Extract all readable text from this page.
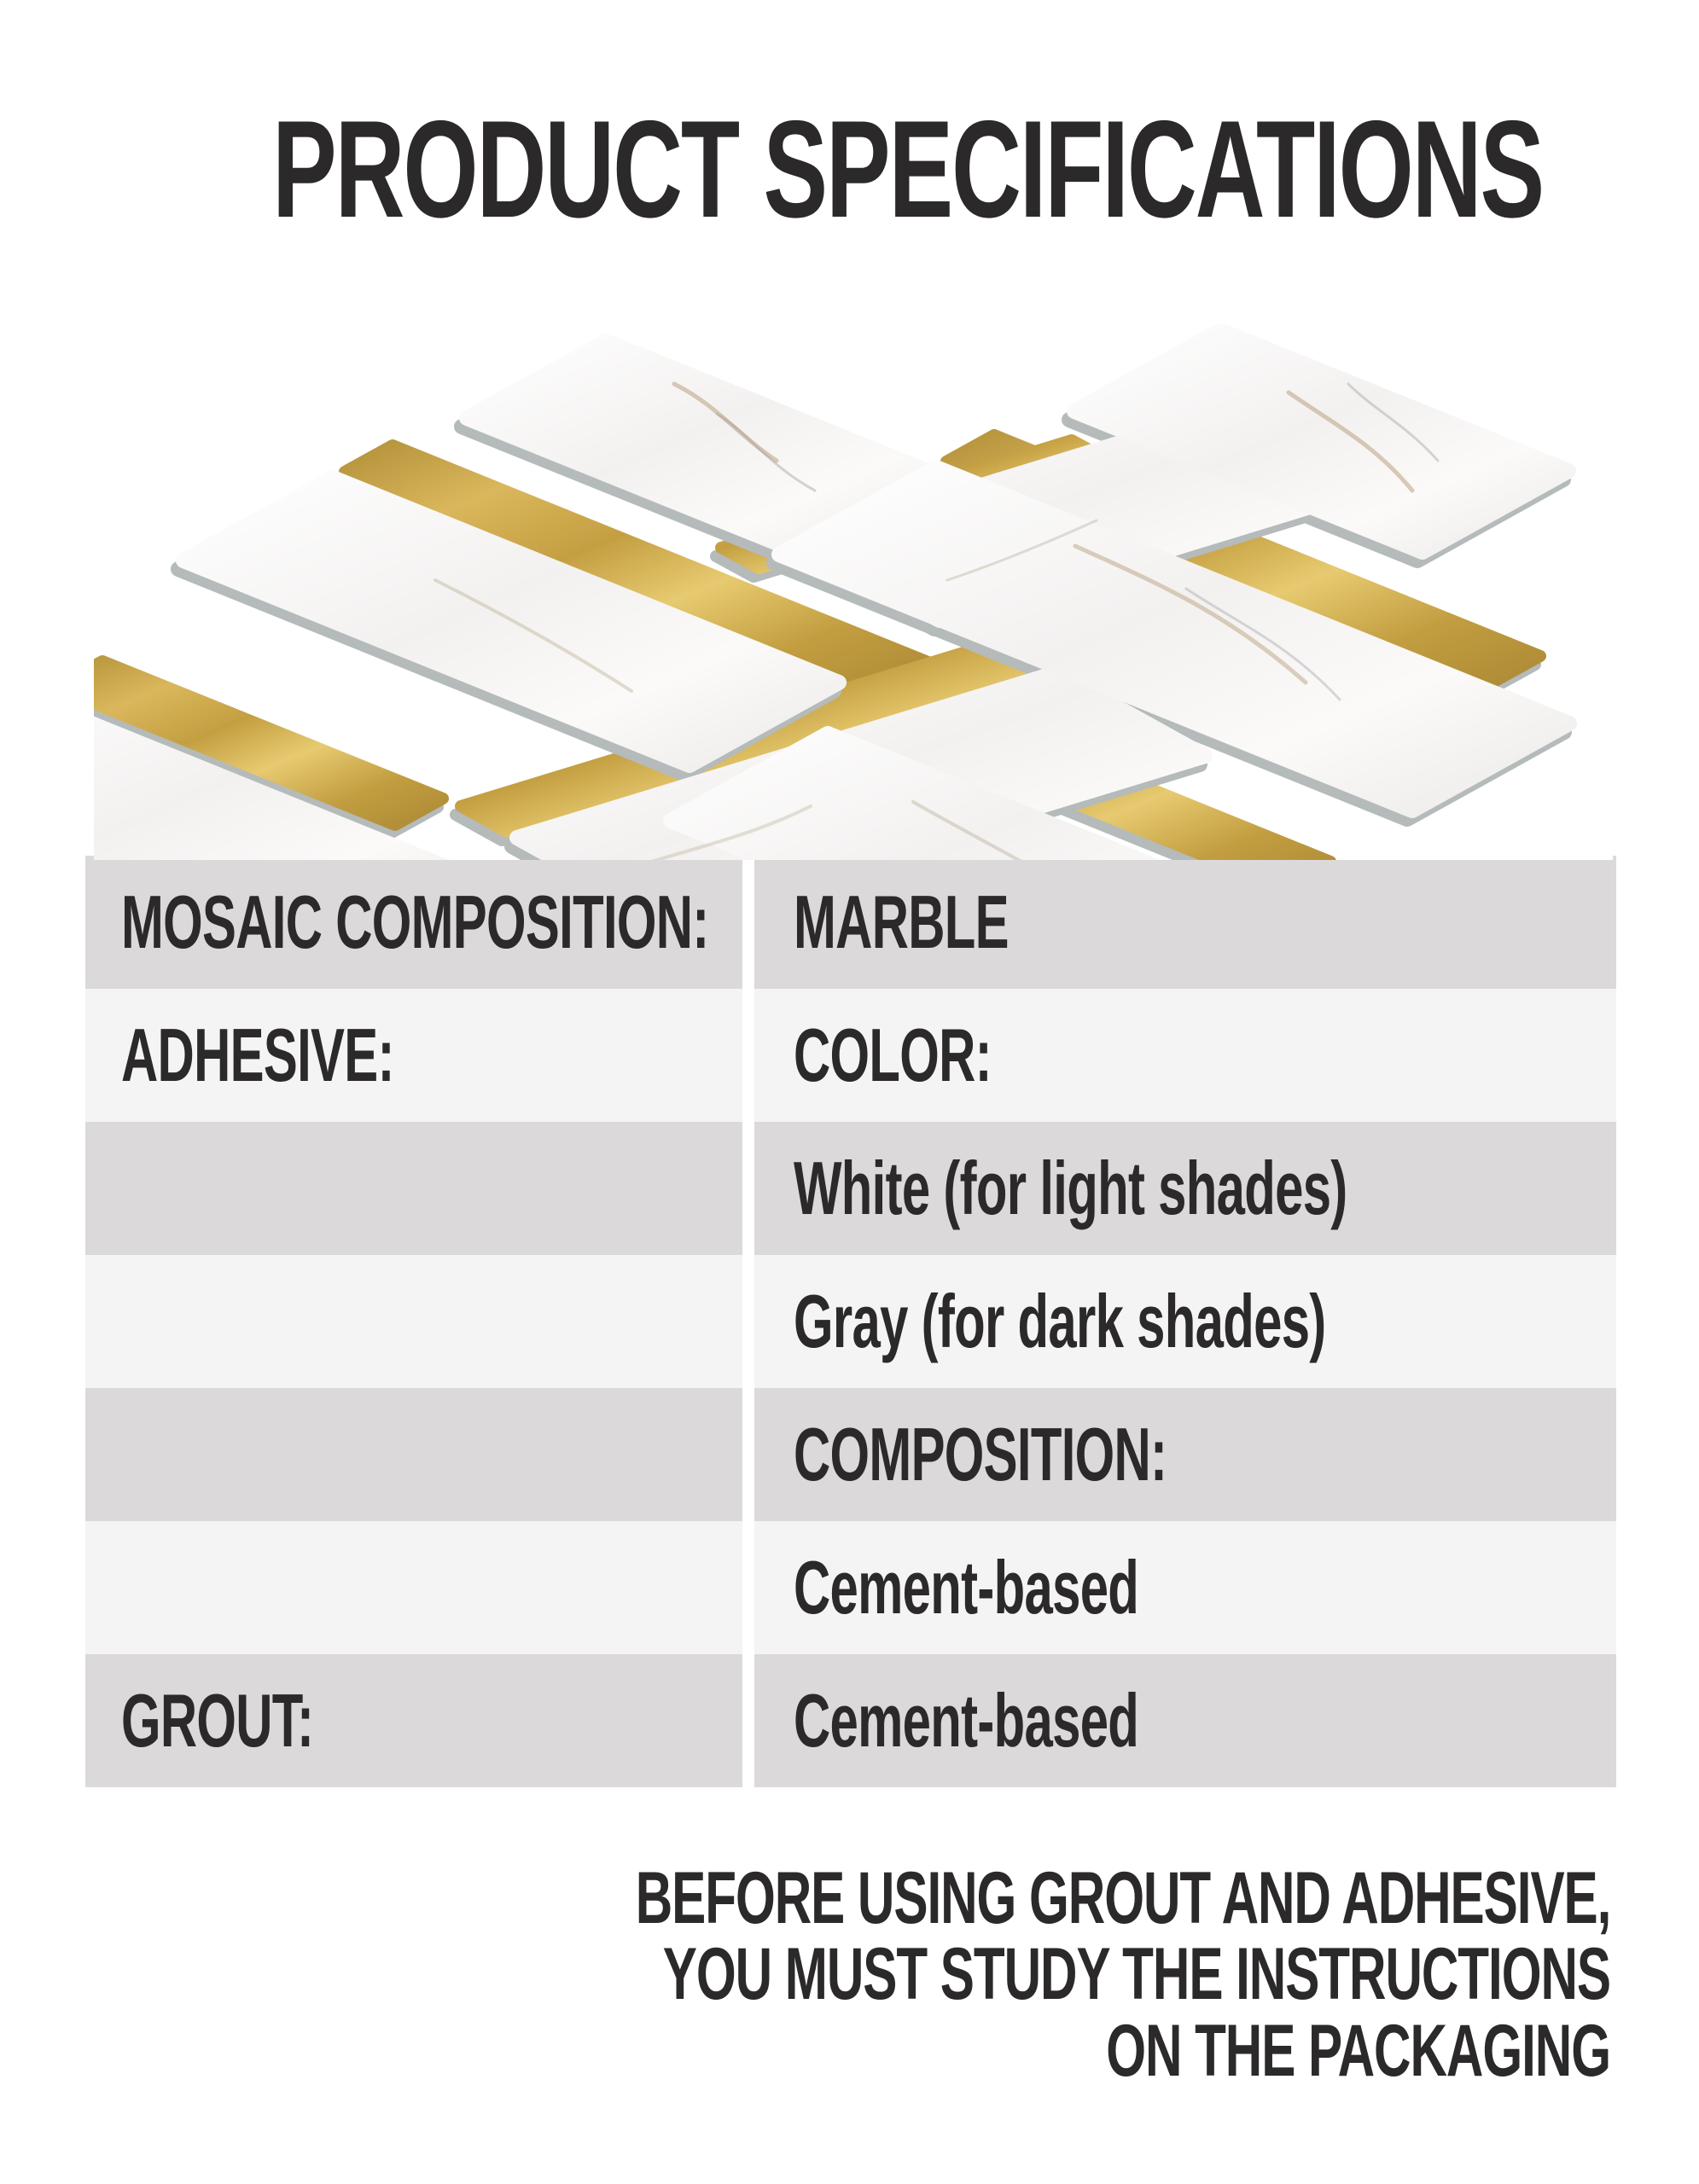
PRODUCT SPECIFICATIONS
MOSAIC COMPOSITION: MARBLE
ADHESIVE:	COLOR:
White (for light shades)
Gray (for dark shades)
COMPOSITION:
Cement-based
GROUT:	Cement-based
BEFORE USING GROUT AND ADHESIVE,
YOU MUST STUDY THE INSTRUCTIONS
ON THE PACKAGING
